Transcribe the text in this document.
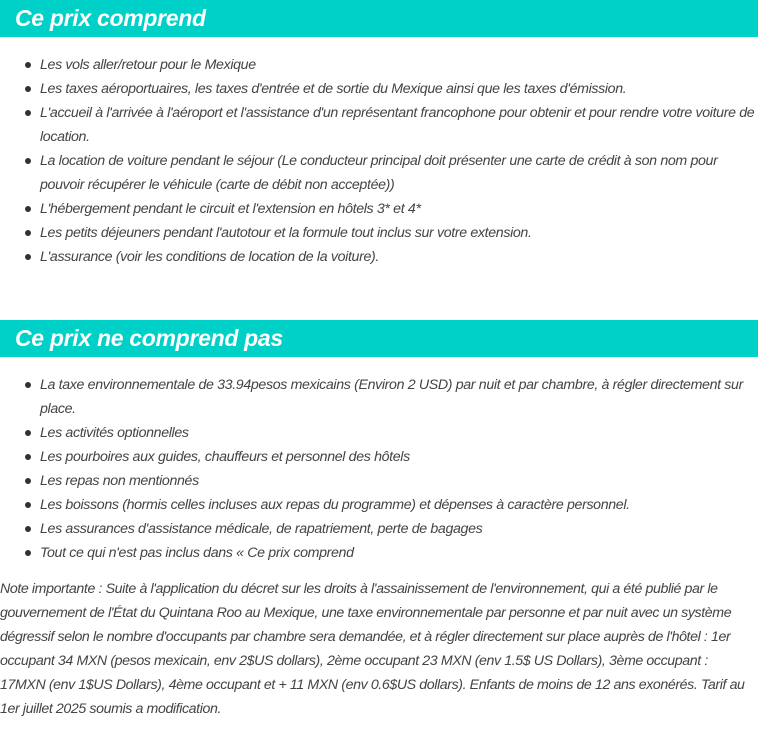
Ce prix comprend
Les vols aller/retour pour le Mexique
Les taxes aéroportuaires, les taxes d'entrée et de sortie du Mexique ainsi que les taxes d'émission.
L'accueil à l'arrivée à l'aéroport et l'assistance d'un représentant francophone pour obtenir et pour rendre votre voiture de location.
La location de voiture pendant le séjour (Le conducteur principal doit présenter une carte de crédit à son nom pour pouvoir récupérer le véhicule (carte de débit non acceptée))
L'hébergement pendant le circuit et l'extension en hôtels 3* et 4*
Les petits déjeuners pendant l'autotour et la formule tout inclus sur votre extension.
L'assurance (voir les conditions de location de la voiture).
Ce prix ne comprend pas
La taxe environnementale de 33.94pesos mexicains (Environ 2 USD) par nuit et par chambre, à régler directement sur place.
Les activités optionnelles
Les pourboires aux guides, chauffeurs et personnel des hôtels
Les repas non mentionnés
Les boissons (hormis celles incluses aux repas du programme) et dépenses à caractère personnel.
Les assurances d'assistance médicale, de rapatriement, perte de bagages
Tout ce qui n'est pas inclus dans « Ce prix comprend

Note importante : Suite à l'application du décret sur les droits à l'assainissement de l'environnement, qui a été publié par le gouvernement de l'État du Quintana Roo au Mexique, une taxe environnementale par personne et par nuit avec un système dégressif selon le nombre d'occupants par chambre sera demandée, et à régler directement sur place auprès de l'hôtel : 1er occupant 34 MXN (pesos mexicain, env 2$US dollars), 2ème occupant 23 MXN (env 1.5$ US Dollars), 3ème occupant : 17MXN (env 1$US Dollars), 4ème occupant et + 11 MXN (env 0.6$US dollars). Enfants de moins de 12 ans exonérés. Tarif au 1er juillet 2025 soumis a modification.
